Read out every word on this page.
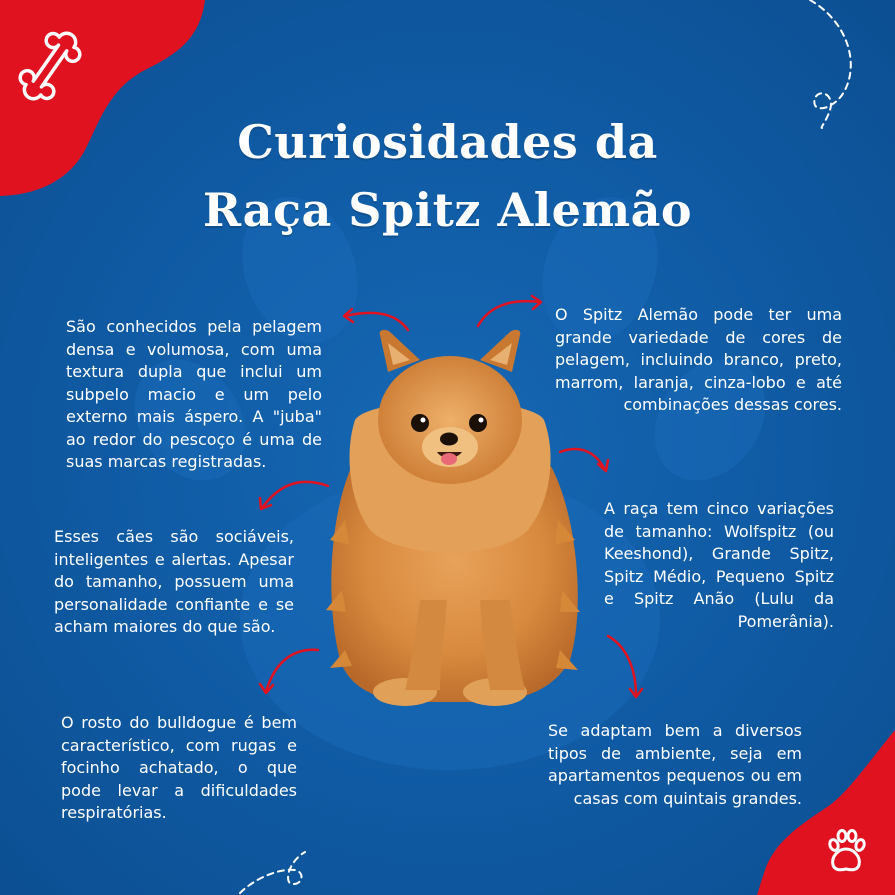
Curiosidades da
Raça Spitz Alemão
São conhecidos pela pelagem densa e volumosa, com uma textura dupla que inclui um subpelo macio e um pelo externo mais áspero. A "juba" ao redor do pescoço é uma de suas marcas registradas.
O Spitz Alemão pode ter uma grande variedade de cores de pelagem, incluindo branco, preto, marrom, laranja, cinza-lobo e até combinações dessas cores.
Esses cães são sociáveis, inteligentes e alertas. Apesar do tamanho, possuem uma personalidade confiante e se acham maiores do que são.
A raça tem cinco variações de tamanho: Wolfspitz (ou Keeshond), Grande Spitz, Spitz Médio, Pequeno Spitz e Spitz Anão (Lulu da Pomerânia).
O rosto do bulldogue é bem característico, com rugas e focinho achatado, o que pode levar a dificuldades respiratórias.
Se adaptam bem a diversos tipos de ambiente, seja em apartamentos pequenos ou em casas com quintais grandes.
